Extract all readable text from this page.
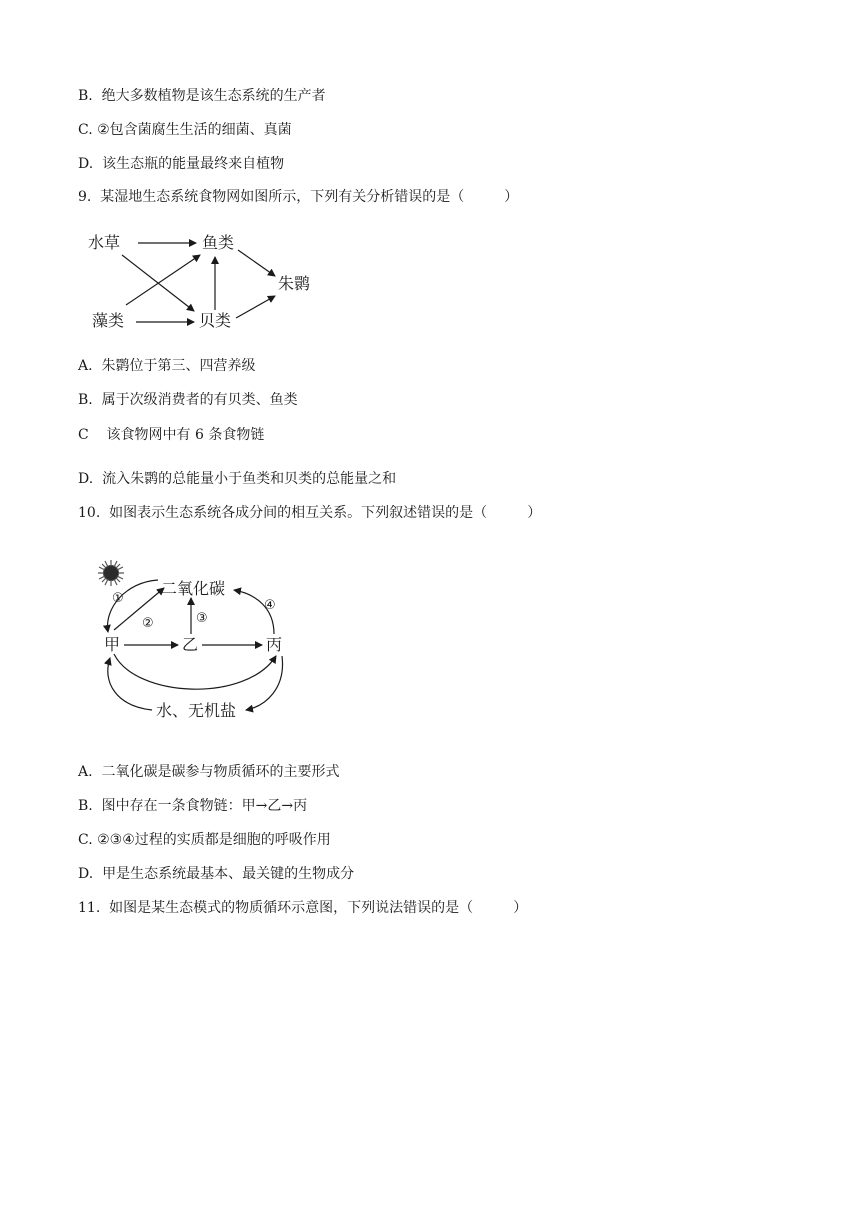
B.  绝大多数植物是该生态系统的生产者
C. ②包含菌腐生生活的细菌、真菌
D.  该生态瓶的能量最终来自植物
9.  某湿地生态系统食物网如图所示，下列有关分析错误的是（         ）
水草	鱼类
朱鹮
藻类	贝类
A.  朱鹮位于第三、四营养级
B.  属于次级消费者的有贝类、鱼类
C    该食物网中有 6 条食物链
D.  流入朱鹮的总能量小于鱼类和贝类的总能量之和
10.  如图表示生态系统各成分间的相互关系。下列叙述错误的是（         ）
二氧化碳
甲	乙	丙
水、无机盐
①
②	③
④
A.  二氧化碳是碳参与物质循环的主要形式
B.  图中存在一条食物链：甲→乙→丙
C. ②③④过程的实质都是细胞的呼吸作用
D.  甲是生态系统最基本、最关键的生物成分
11.  如图是某生态模式的物质循环示意图，下列说法错误的是（         ）
